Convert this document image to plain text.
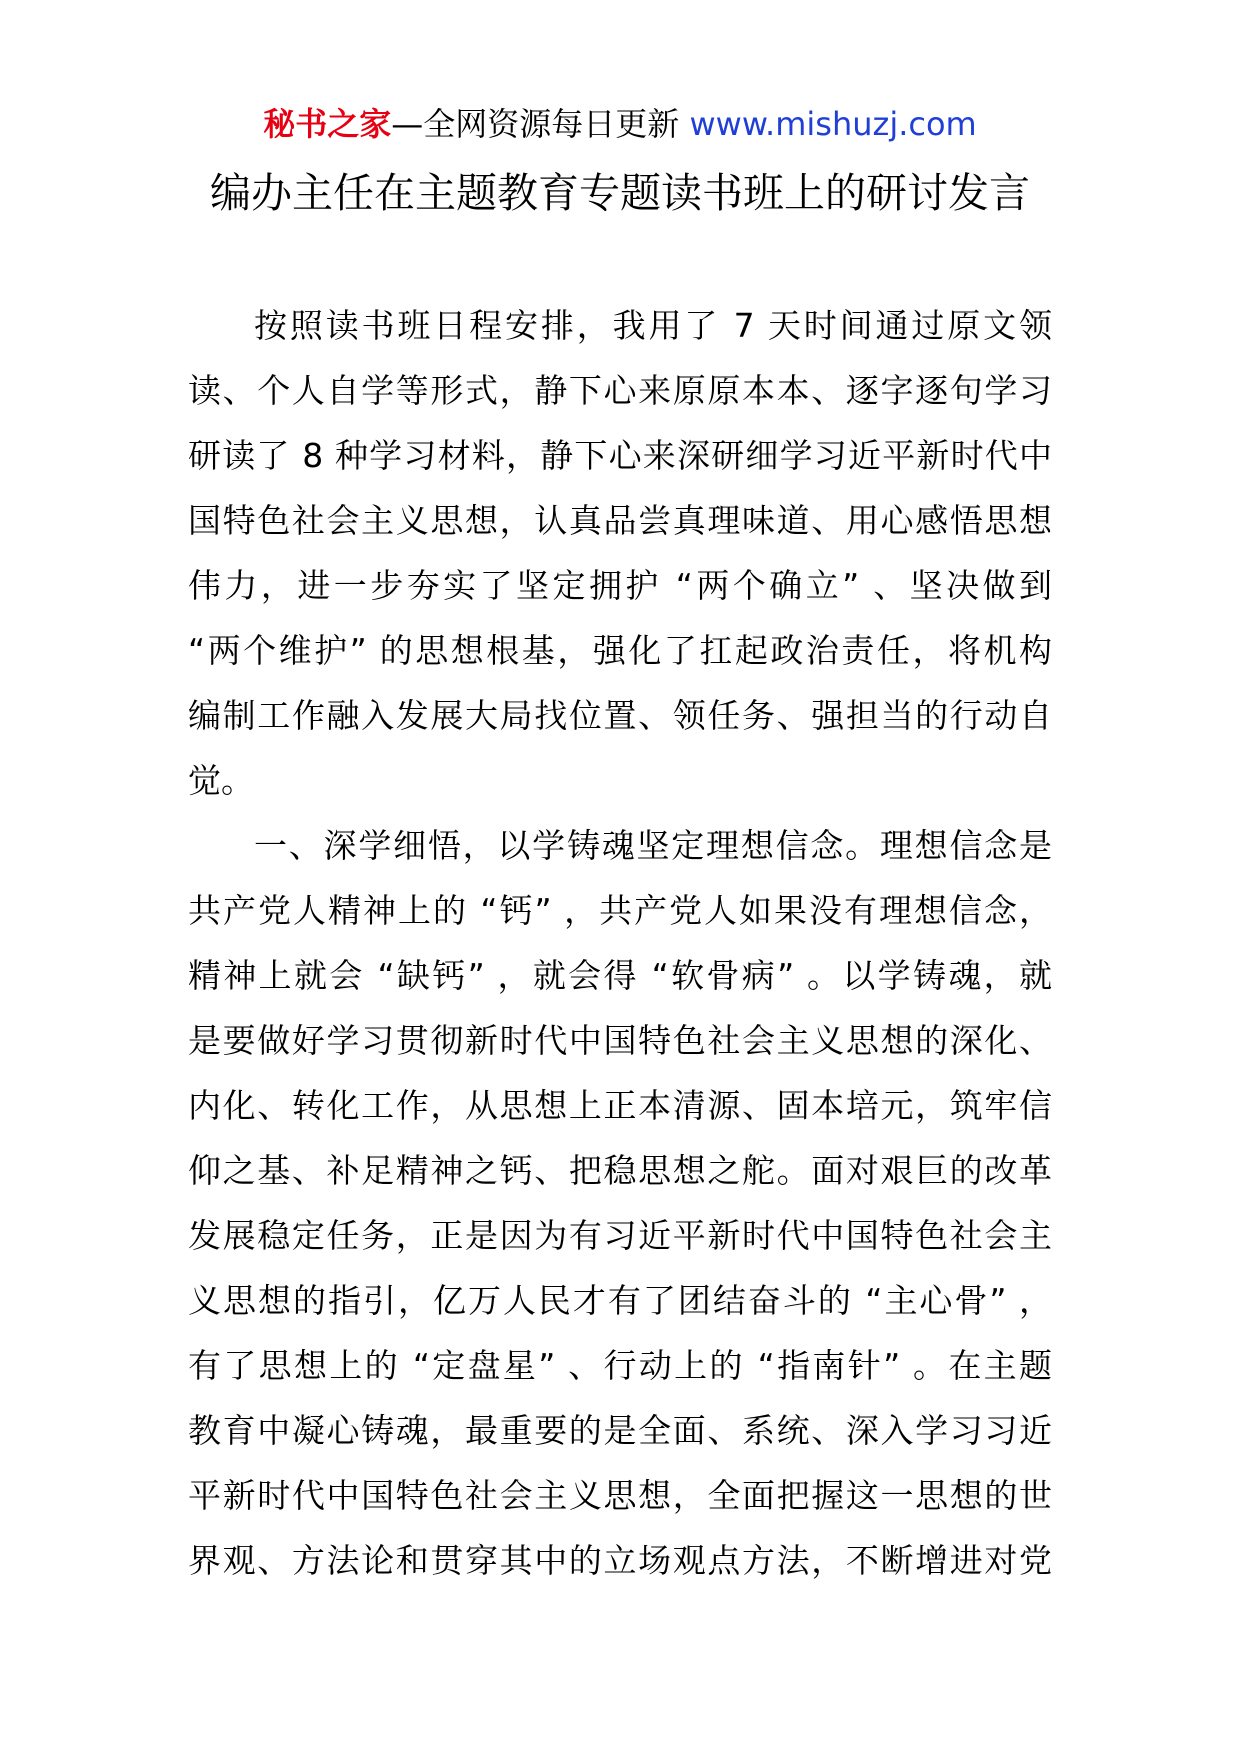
秘书之家—全网资源每日更新 www.mishuzj.com
编办主任在主题教育专题读书班上的研讨发言
按照读书班日程安排，我用了 7 天时间通过原文领
读、个人自学等形式，静下心来原原本本、逐字逐句学习
研读了 8 种学习材料，静下心来深研细学习近平新时代中
国特色社会主义思想，认真品尝真理味道、用心感悟思想
伟力，进一步夯实了坚定拥护 “两个确立” 、坚决做到
“两个维护” 的思想根基，强化了扛起政治责任，将机构
编制工作融入发展大局找位置、领任务、强担当的行动自
觉。
一、深学细悟，以学铸魂坚定理想信念。理想信念是
共产党人精神上的 “钙” ，共产党人如果没有理想信念，
精神上就会 “缺钙” ，就会得 “软骨病” 。以学铸魂，就
是要做好学习贯彻新时代中国特色社会主义思想的深化、
内化、转化工作，从思想上正本清源、固本培元，筑牢信
仰之基、补足精神之钙、把稳思想之舵。面对艰巨的改革
发展稳定任务，正是因为有习近平新时代中国特色社会主
义思想的指引，亿万人民才有了团结奋斗的 “主心骨” ，
有了思想上的 “定盘星” 、行动上的 “指南针” 。在主题
教育中凝心铸魂，最重要的是全面、系统、深入学习习近
平新时代中国特色社会主义思想，全面把握这一思想的世
界观、方法论和贯穿其中的立场观点方法，不断增进对党
